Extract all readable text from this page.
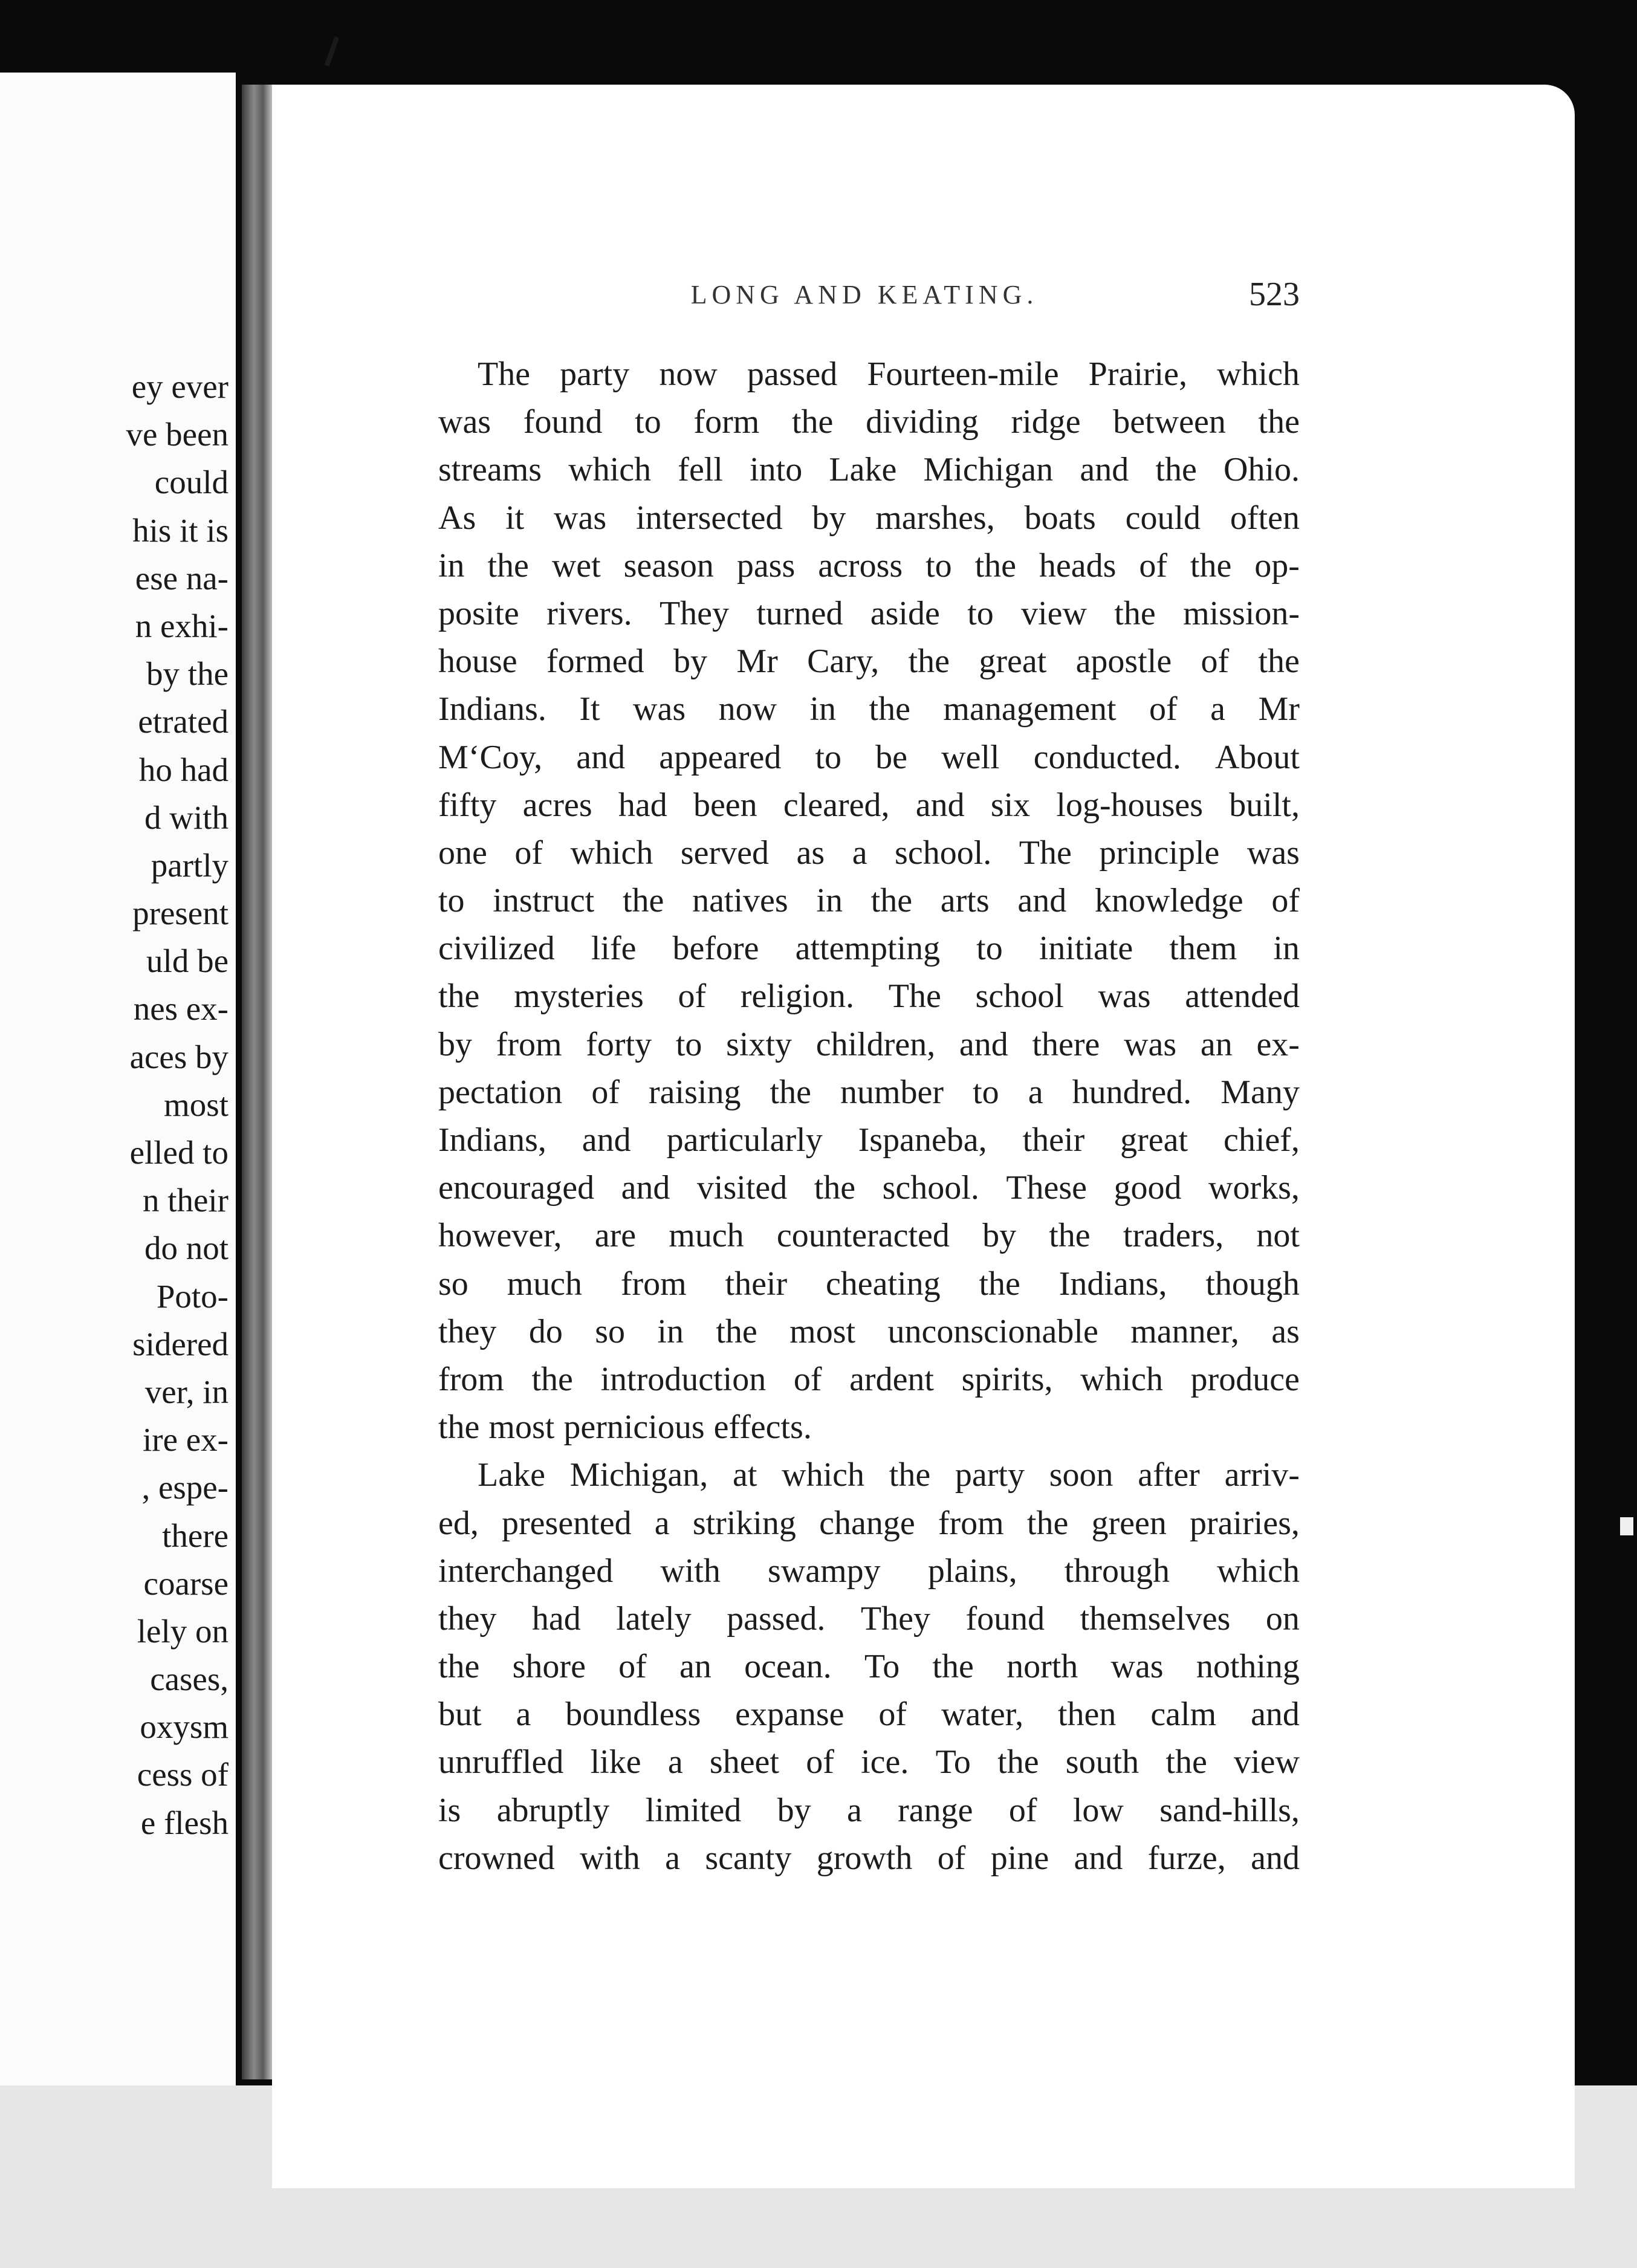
ey ever
ve been
could
his it is
ese na-
n exhi-
by the
etrated
ho had
d with
partly
present
uld be
nes ex-
aces by
most
elled to
n their
do not
Poto-
sidered
ver, in
ire ex-
, espe-
there
coarse
lely on
cases,
oxysm
cess of
e flesh
LONG AND KEATING.	523
The party now passed Fourteen-mile Prairie, which
was found to form the dividing ridge between the
streams which fell into Lake Michigan and the Ohio.
As it was intersected by marshes, boats could often
in the wet season pass across to the heads of the op-
posite rivers. They turned aside to view the mission-
house formed by Mr Cary, the great apostle of the
Indians. It was now in the management of a Mr
M‘Coy, and appeared to be well conducted. About
fifty acres had been cleared, and six log-houses built,
one of which served as a school. The principle was
to instruct the natives in the arts and knowledge of
civilized life before attempting to initiate them in
the mysteries of religion. The school was attended
by from forty to sixty children, and there was an ex-
pectation of raising the number to a hundred. Many
Indians, and particularly Ispaneba, their great chief,
encouraged and visited the school. These good works,
however, are much counteracted by the traders, not
so much from their cheating the Indians, though
they do so in the most unconscionable manner, as
from the introduction of ardent spirits, which produce
the most pernicious effects.
Lake Michigan, at which the party soon after arriv-
ed, presented a striking change from the green prairies,
interchanged with swampy plains, through which
they had lately passed. They found themselves on
the shore of an ocean. To the north was nothing
but a boundless expanse of water, then calm and
unruffled like a sheet of ice. To the south the view
is abruptly limited by a range of low sand-hills,
crowned with a scanty growth of pine and furze, and
